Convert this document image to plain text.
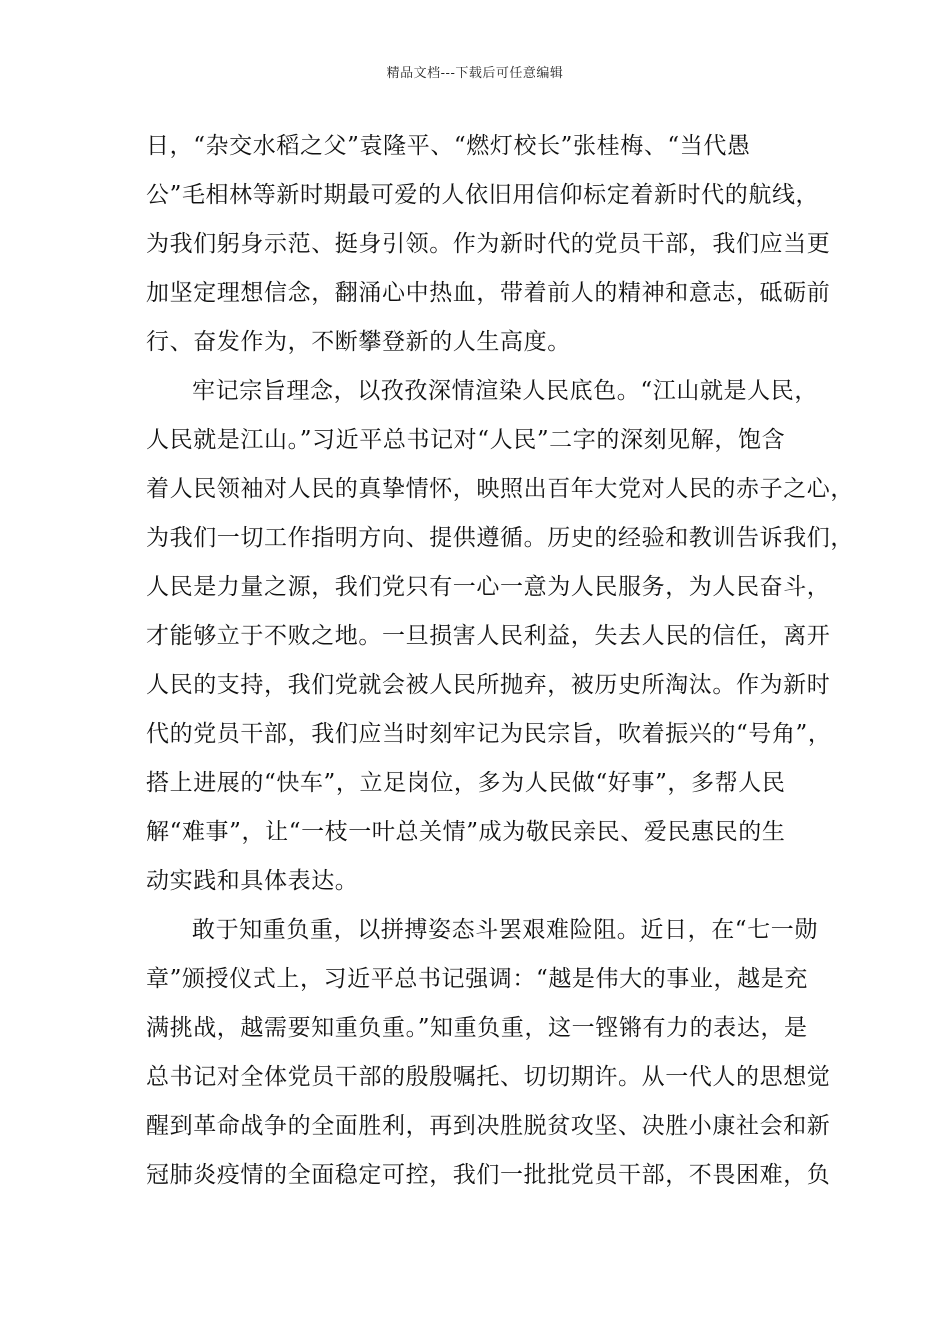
精品文档---下载后可任意编辑
日，“杂交水稻之父”袁隆平、“燃灯校长”张桂梅、“当代愚
公”毛相林等新时期最可爱的人依旧用信仰标定着新时代的航线，
为我们躬身示范、挺身引领。作为新时代的党员干部，我们应当更
加坚定理想信念，翻涌心中热血，带着前人的精神和意志，砥砺前
行、奋发作为，不断攀登新的人生高度。
牢记宗旨理念，以孜孜深情渲染人民底色。“江山就是人民，
人民就是江山。”习近平总书记对“人民”二字的深刻见解，饱含
着人民领袖对人民的真挚情怀，映照出百年大党对人民的赤子之心，
为我们一切工作指明方向、提供遵循。历史的经验和教训告诉我们，
人民是力量之源，我们党只有一心一意为人民服务，为人民奋斗，
才能够立于不败之地。一旦损害人民利益，失去人民的信任，离开
人民的支持，我们党就会被人民所抛弃，被历史所淘汰。作为新时
代的党员干部，我们应当时刻牢记为民宗旨，吹着振兴的“号角”，
搭上进展的“快车”，立足岗位，多为人民做“好事”，多帮人民
解“难事”，让“一枝一叶总关情”成为敬民亲民、爱民惠民的生
动实践和具体表达。
敢于知重负重，以拼搏姿态斗罢艰难险阻。近日，在“七一勋
章”颁授仪式上，习近平总书记强调：“越是伟大的事业，越是充
满挑战，越需要知重负重。”知重负重，这一铿锵有力的表达，是
总书记对全体党员干部的殷殷嘱托、切切期许。从一代人的思想觉
醒到革命战争的全面胜利，再到决胜脱贫攻坚、决胜小康社会和新
冠肺炎疫情的全面稳定可控，我们一批批党员干部，不畏困难，负
